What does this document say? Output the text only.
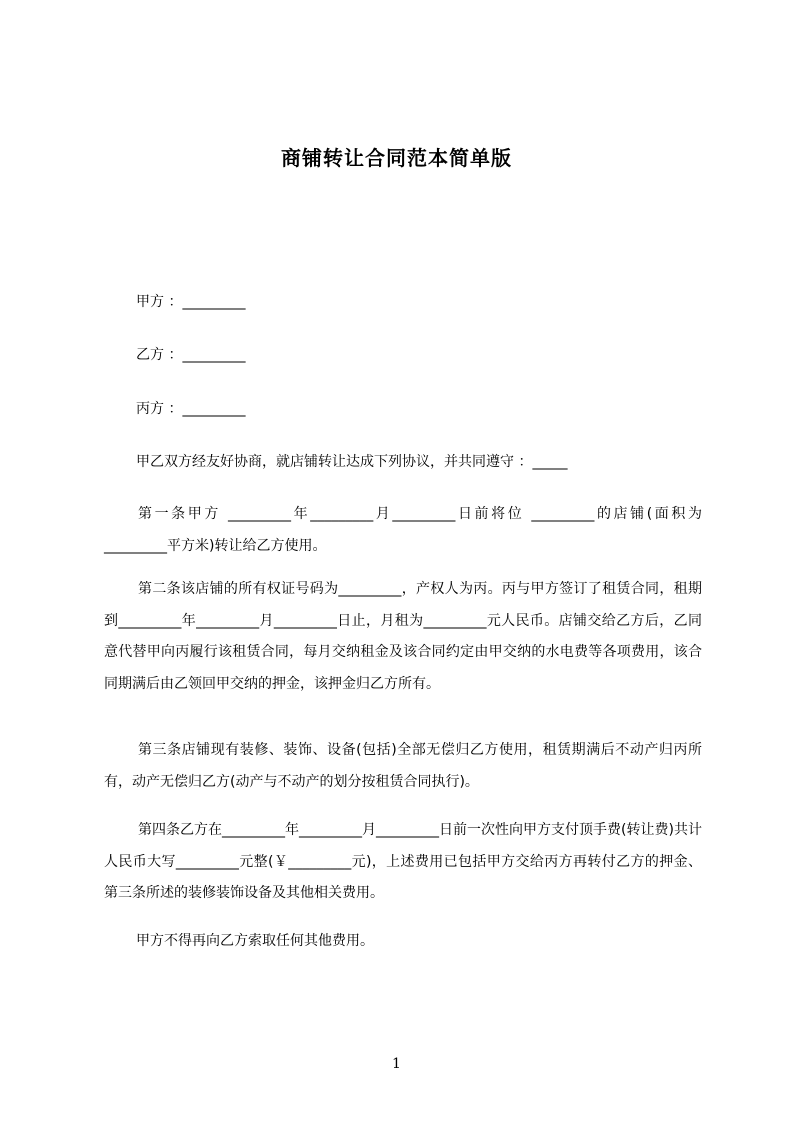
商铺转让合同范本简单版
甲方 ：_________
乙方 ：_________
丙方 ：_________
甲乙双方经友好协商，就店铺转让达成下列协议，并共同遵守 ：_____

第一条甲方 _________年_________月_________日前将位 _________的店铺(面积为_________平方米)转让给乙方使用。

第二条该店铺的所有权证号码为_________，产权人为丙。丙与甲方签订了租赁合同，租期到_________年_________月_________日止，月租为_________元人民币。店铺交给乙方后，乙同意代替甲向丙履行该租赁合同，每月交纳租金及该合同约定由甲交纳的水电费等各项费用，该合同期满后由乙领回甲交纳的押金，该押金归乙方所有。

第三条店铺现有装修、装饰、设备(包括)全部无偿归乙方使用，租赁期满后不动产归丙所有，动产无偿归乙方(动产与不动产的划分按租赁合同执行)。

第四条乙方在_________年_________月_________日前一次性向甲方支付顶手费(转让费)共计人民币大写_________元整(￥_________元)，上述费用已包括甲方交给丙方再转付乙方的押金、第三条所述的装修装饰设备及其他相关费用。

甲方不得再向乙方索取任何其他费用。
1
